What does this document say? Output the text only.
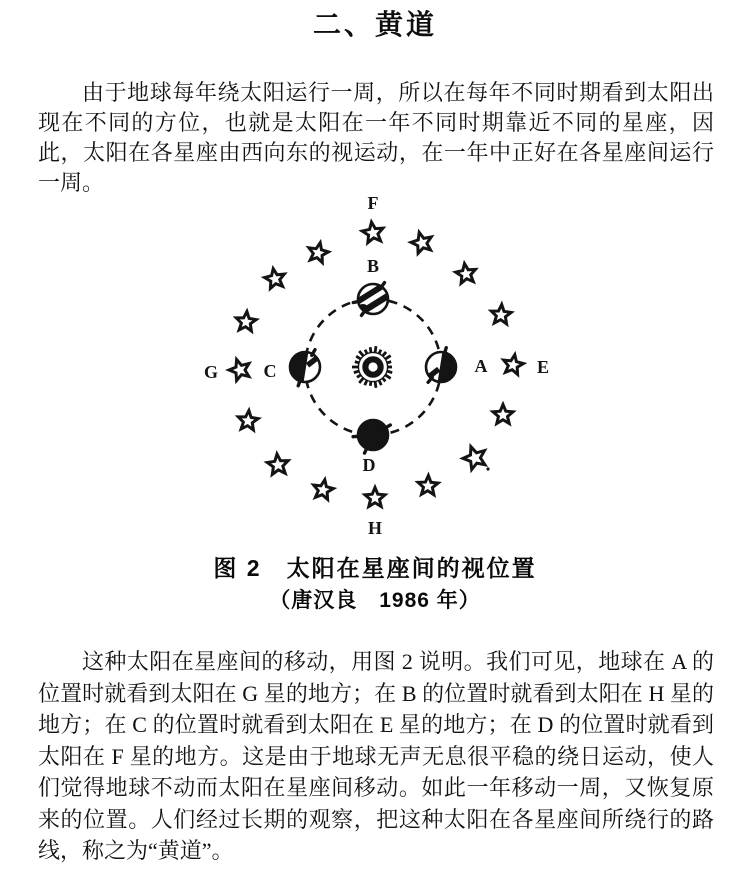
二、黄道

由于地球每年绕太阳运行一周，所以在每年不同时期看到太阳出现在不同的方位，也就是太阳在一年不同时期靠近不同的星座，因此，太阳在各星座由西向东的视运动，在一年中正好在各星座间运行一周。

B
A
C
D
F
G	E
H
图 2　太阳在星座间的视位置
（唐汉良　1986 年）

这种太阳在星座间的移动，用图 2 说明。我们可见，地球在 A 的位置时就看到太阳在 G 星的地方；在 B 的位置时就看到太阳在 H 星的地方；在 C 的位置时就看到太阳在 E 星的地方；在 D 的位置时就看到太阳在 F 星的地方。这是由于地球无声无息很平稳的绕日运动，使人们觉得地球不动而太阳在星座间移动。如此一年移动一周，又恢复原来的位置。人们经过长期的观察，把这种太阳在各星座间所绕行的路线，称之为“黄道”。
